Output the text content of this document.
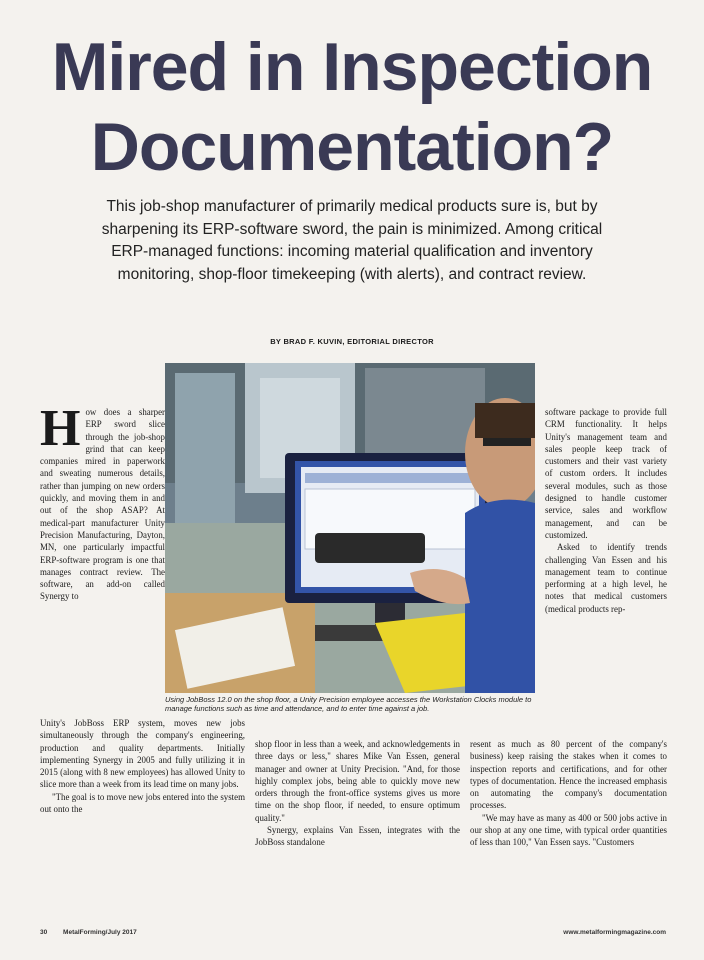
Mired in Inspection
Documentation?
This job-shop manufacturer of primarily medical products sure is, but by sharpening its ERP-software sword, the pain is minimized. Among critical ERP-managed functions: incoming material qualification and inventory monitoring, shop-floor timekeeping (with alerts), and contract review.
BY BRAD F. KUVIN, EDITORIAL DIRECTOR
Using JobBoss 12.0 on the shop floor, a Unity Precision employee accesses the Workstation Clocks module to manage functions such as time and attendance, and to enter time against a job.

How does a sharper ERP sword slice through the job-shop grind that can keep companies mired in paperwork and sweating numerous details, rather than jumping on new orders quickly, and moving them in and out of the shop ASAP? At medical-part manufacturer Unity Precision Manufacturing, Dayton, MN, one particularly impactful ERP-software program is one that manages contract review. The software, an add-on called Synergy to

Unity's JobBoss ERP system, moves new jobs simultaneously through the company's engineering, production and quality departments. Initially implementing Synergy in 2005 and fully utilizing it in 2015 (along with 8 new employees) has allowed Unity to slice more than a week from its lead time on many jobs.

"The goal is to move new jobs entered into the system out onto the

shop floor in less than a week, and acknowledgements in three days or less," shares Mike Van Essen, general manager and owner at Unity Precision. "And, for those highly complex jobs, being able to quickly move new orders through the front-office systems gives us more time on the shop floor, if needed, to ensure optimum quality."

Synergy, explains Van Essen, integrates with the JobBoss standalone

software package to provide full CRM functionality. It helps Unity's management team and sales people keep track of customers and their vast variety of custom orders. It includes several modules, such as those designed to handle customer service, sales and workflow management, and can be customized.

Asked to identify trends challenging Van Essen and his management team to continue performing at a high level, he notes that medical customers (medical products rep-

resent as much as 80 percent of the company's business) keep raising the stakes when it comes to inspection reports and certifications, and for other types of documentation. Hence the increased emphasis on automating the company's documentation processes.

"We may have as many as 400 or 500 jobs active in our shop at any one time, with typical order quantities of less than 100," Van Essen says. "Customers

30 MetalForming/July 2017	www.metalformingmagazine.com
